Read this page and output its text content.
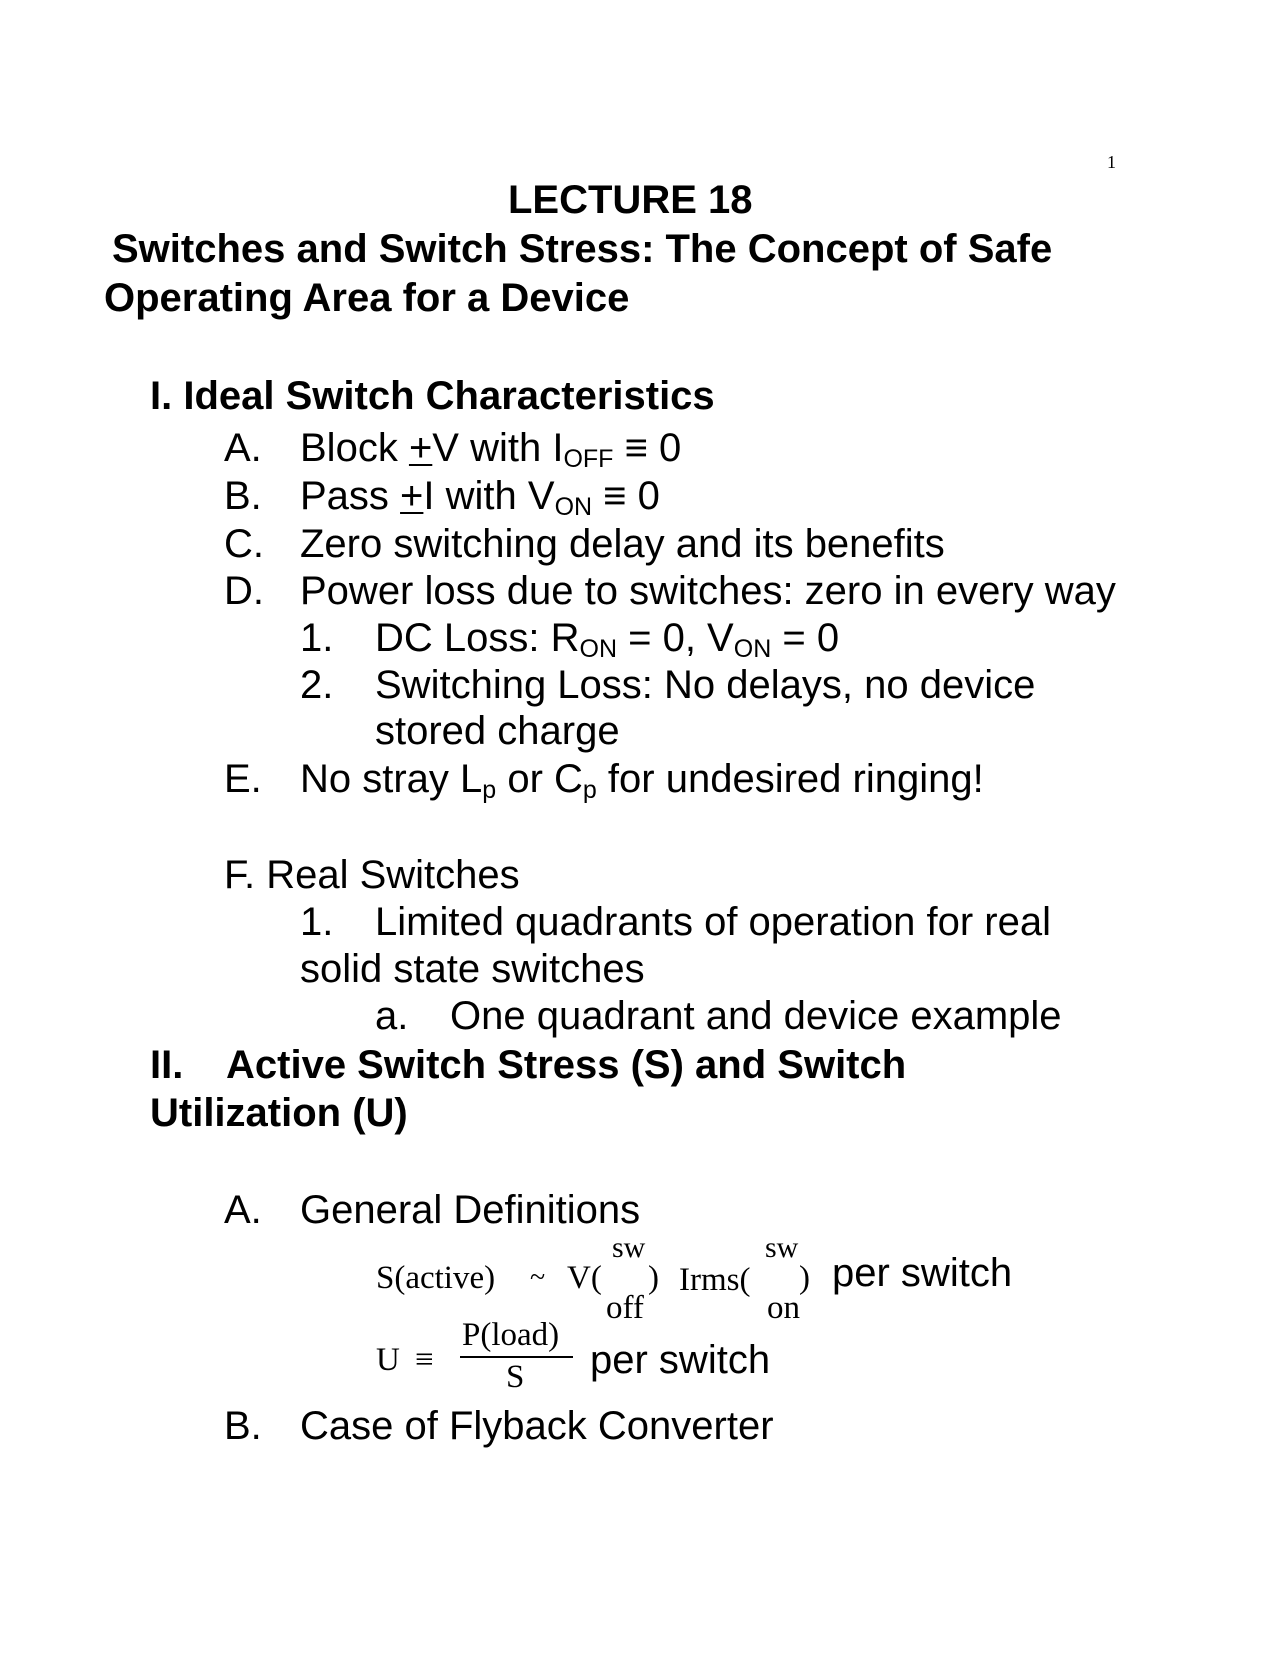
1
LECTURE 18
Switches and Switch Stress: The Concept of Safe
Operating Area for a Device
I. Ideal Switch Characteristics
A. Block +V with $I_{OFF} \equiv 0$
B. Pass +I with $V_{ON} \equiv 0$
C. Zero switching delay and its benefits
D. Power loss due to switches: zero in every way
1. DC Loss: $R_{ON} = 0$, $V_{ON} = 0$
2. Switching Loss: No delays, no device
stored charge
E. No stray $L_p$ or $C_p$ for undesired ringing!
F. Real Switches
1. Limited quadrants of operation for real
solid state switches
a. One quadrant and device example
II. Active Switch Stress (S) and Switch
Utilization (U)
A. General Definitions
S(active) ~ V(
sw
off
) Irms(
sw
on
) per switch
U ≡
P(load)
S per switch
B. Case of Flyback Converter
